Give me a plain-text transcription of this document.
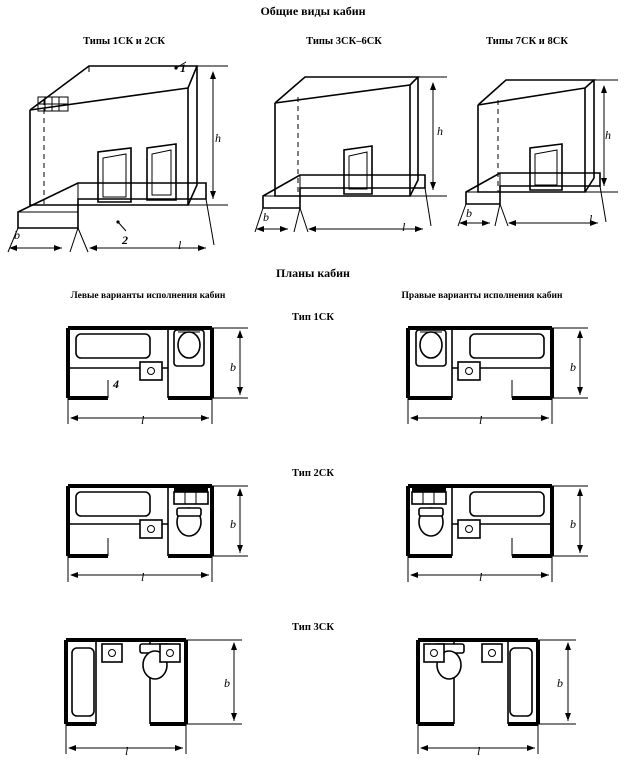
Общие виды кабин
Типы 1СК и 2СК	Типы 3СК–6СК	Типы 7СК и 8СК
Планы кабин
Левые варианты исполнения кабин	Правые варианты исполнения кабин
Тип 1СК
Тип 2СК
Тип 3СК
1
2
h
b
l
h
b
l
h
b	l
4
b
l
b
l
b
l
b
l
b
l
b
l
